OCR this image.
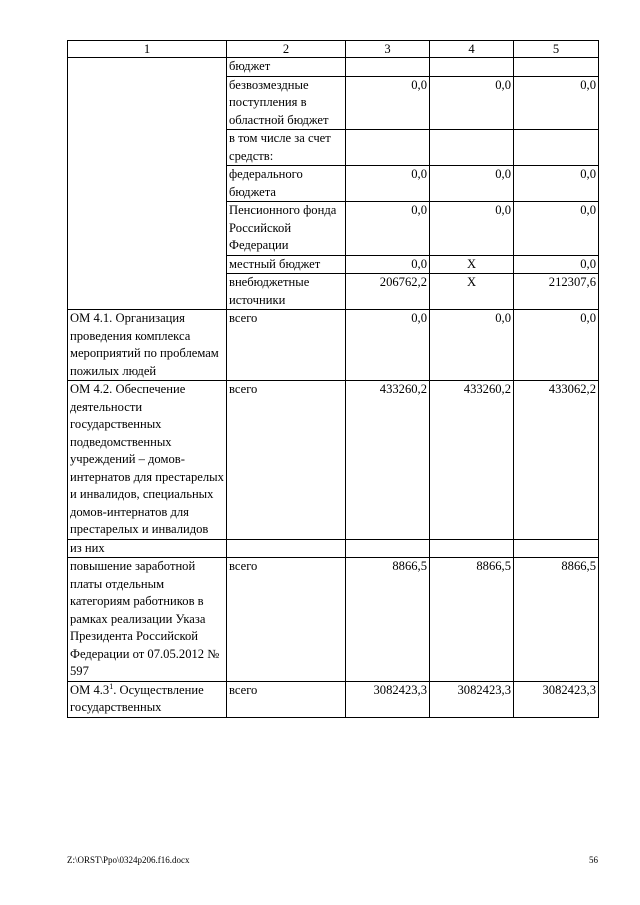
1	2	3	4	5
	бюджет			
	безвозмездные поступления в областной бюджет	0,0	0,0	0,0
	в том числе за счет средств:			
	федерального бюджета	0,0	0,0	0,0
	Пенсионного фонда Российской Федерации	0,0	0,0	0,0
	местный бюджет	0,0	Х	0,0
	внебюджетные источники	206762,2	Х	212307,6
ОМ 4.1. Организация проведения комплекса мероприятий по проблемам пожилых людей	всего	0,0	0,0	0,0
ОМ 4.2. Обеспечение деятельности государственных подведомственных учреждений – домов-интернатов для престарелых и инвалидов, специальных домов-интернатов для престарелых и инвалидов	всего	433260,2	433260,2	433062,2
из них				
повышение заработной платы отдельным категориям работников в рамках реализации Указа Президента Российской Федерации от 07.05.2012 № 597	всего	8866,5	8866,5	8866,5
ОМ $4.3^1$. Осуществление государственных	всего	3082423,3	3082423,3	3082423,3
Z:\ORST\Ppo\0324p206.f16.docx	56
